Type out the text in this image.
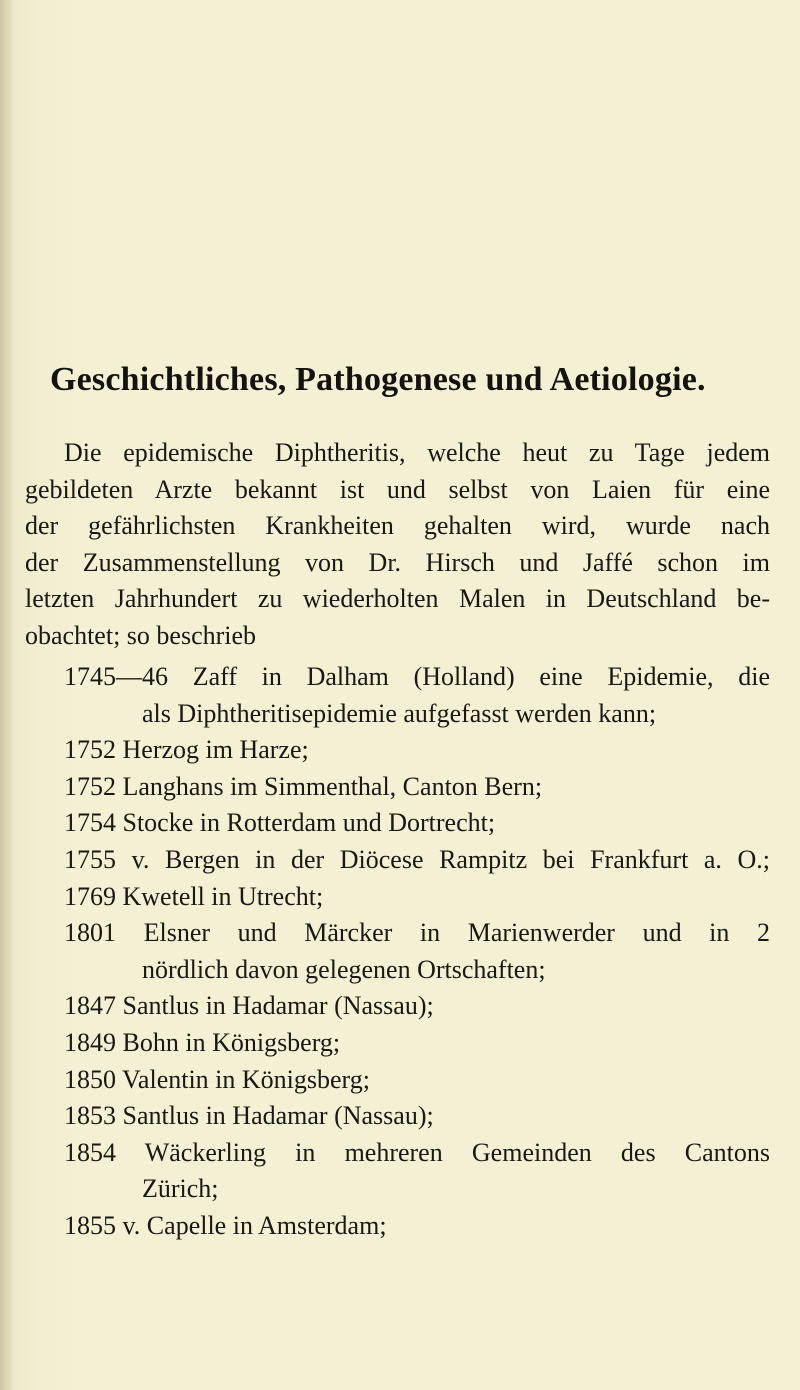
Geschichtliches, Pathogenese und Aetiologie.
Die epidemische Diphtheritis, welche heut zu Tage jedem
gebildeten Arzte bekannt ist und selbst von Laien für eine
der gefährlichsten Krankheiten gehalten wird, wurde nach
der Zusammenstellung von Dr. Hirsch und Jaffé schon im
letzten Jahrhundert zu wiederholten Malen in Deutschland be-
obachtet; so beschrieb
1745—46 Zaff in Dalham (Holland) eine Epidemie, die
als Diphtheritisepidemie aufgefasst werden kann;
1752 Herzog im Harze;
1752 Langhans im Simmenthal, Canton Bern;
1754 Stocke in Rotterdam und Dortrecht;
1755 v. Bergen in der Diöcese Rampitz bei Frankfurt a. O.;
1769 Kwetell in Utrecht;
1801 Elsner und Märcker in Marienwerder und in 2
nördlich davon gelegenen Ortschaften;
1847 Santlus in Hadamar (Nassau);
1849 Bohn in Königsberg;
1850 Valentin in Königsberg;
1853 Santlus in Hadamar (Nassau);
1854 Wäckerling in mehreren Gemeinden des Cantons
Zürich;
1855 v. Capelle in Amsterdam;
